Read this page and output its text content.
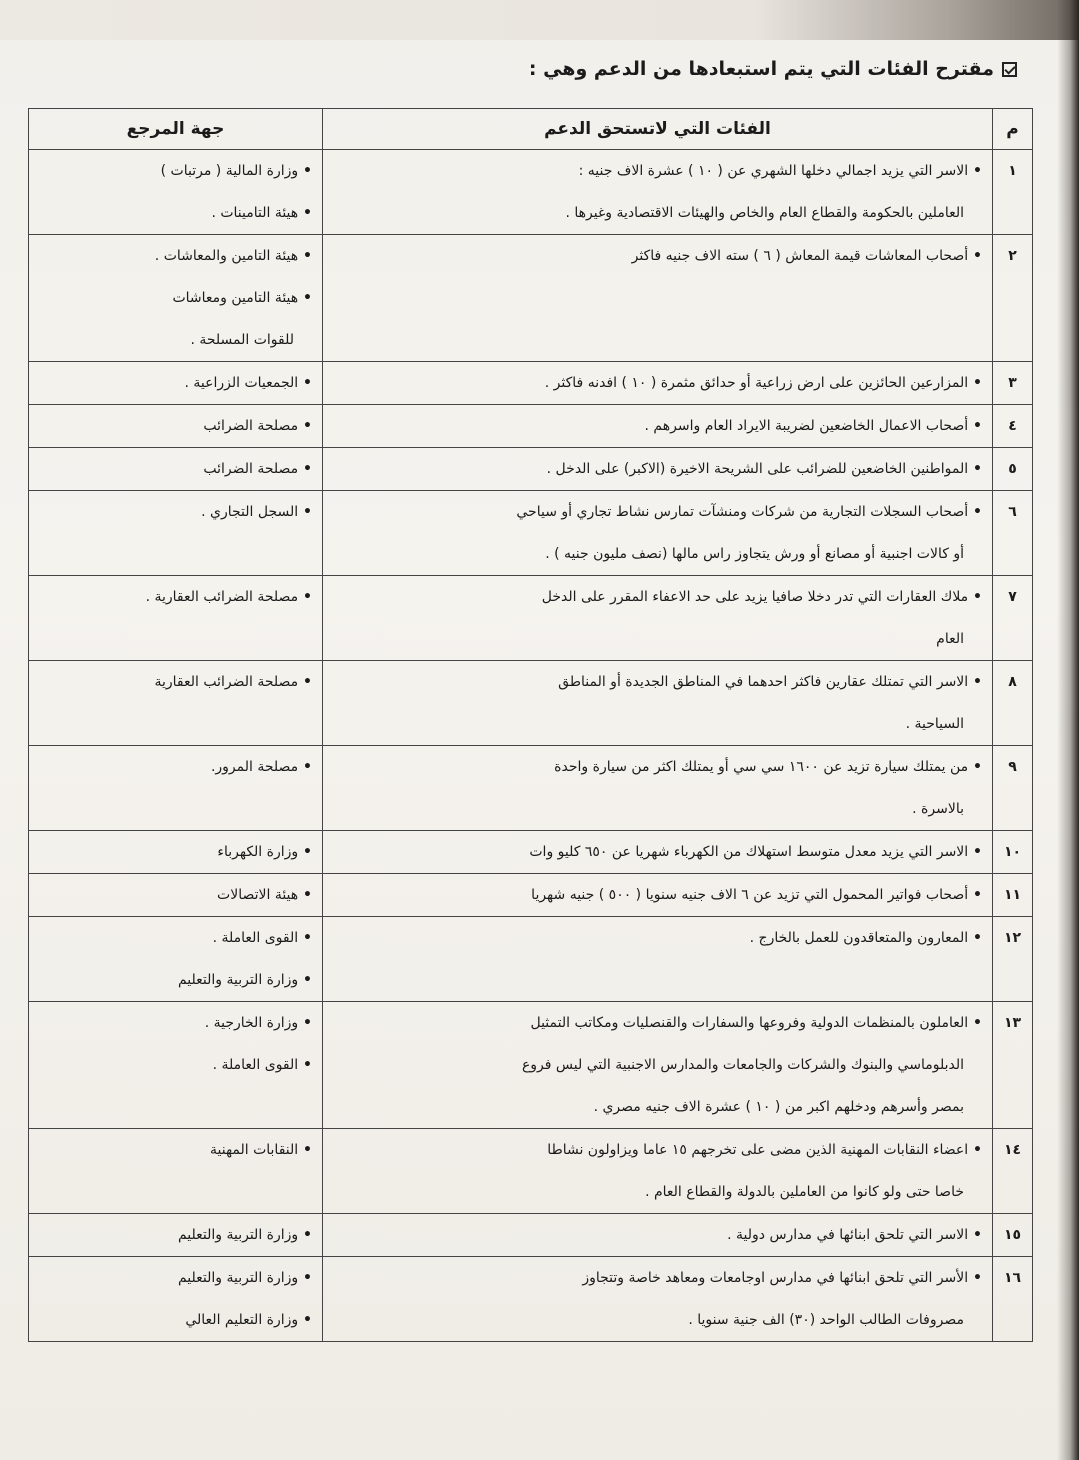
مقترح الفئات التي يتم استبعادها من الدعم وهي :
م	الفئات التي لاتستحق الدعم	جهة المرجع
١	• الاسر التي يزيد اجمالي دخلها الشهري عن ( ١٠ ) عشرة الاف جنيه :
العاملين بالحكومة والقطاع العام والخاص والهيئات الاقتصادية وغيرها .	• وزارة المالية ( مرتبات )
• هيئة التامينات .

٢	• أصحاب المعاشات قيمة المعاش ( ٦ ) سته الاف جنيه فاكثر	• هيئة التامين والمعاشات .
• هيئة التامين ومعاشات
للقوات المسلحة .

٣	• المزارعين الحائزين على ارض زراعية أو حدائق مثمرة ( ١٠ ) افدنه فاكثر .	• الجمعيات الزراعية .

٤	• أصحاب الاعمال الخاضعين لضريبة الايراد العام واسرهم .	• مصلحة الضرائب

٥	• المواطنين الخاضعين للضرائب على الشريحة الاخيرة (الاكبر) على الدخل .	• مصلحة الضرائب

٦	• أصحاب السجلات التجارية من شركات ومنشآت تمارس نشاط تجاري أو سياحي
أو كالات اجنبية أو مصانع أو ورش يتجاوز راس مالها (نصف مليون جنيه ) .	• السجل التجاري .

٧	• ملاك العقارات التي تدر دخلا صافيا يزيد على حد الاعفاء المقرر على الدخل
العام	• مصلحة الضرائب العقارية .

٨	• الاسر التي تمتلك عقارين فاكثر احدهما في المناطق الجديدة أو المناطق
السياحية .	• مصلحة الضرائب العقارية

٩	• من يمتلك سيارة تزيد عن ١٦٠٠ سي سي أو يمتلك اكثر من سيارة واحدة
بالاسرة .	• مصلحة المرور.

١٠	• الاسر التي يزيد معدل متوسط استهلاك من الكهرباء شهريا عن ٦٥٠ كليو وات	• وزارة الكهرباء

١١	• أصحاب فواتير المحمول التي تزيد عن ٦ الاف جنيه سنويا ( ٥٠٠ ) جنيه شهريا	• هيئة الاتصالات

١٢	• المعارون والمتعاقدون للعمل بالخارج .	• القوى العاملة .
• وزارة التربية والتعليم

١٣	• العاملون بالمنظمات الدولية وفروعها والسفارات والقنصليات ومكاتب التمثيل
الدبلوماسي والبنوك والشركات والجامعات والمدارس الاجنبية التي ليس فروع
بمصر وأسرهم ودخلهم اكبر من ( ١٠ ) عشرة الاف جنيه مصري .	• وزارة الخارجية .
• القوى العاملة .

١٤	• اعضاء النقابات المهنية الذين مضى على تخرجهم ١٥ عاما ويزاولون نشاطا
خاصا حتى ولو كانوا من العاملين بالدولة والقطاع العام .	• النقابات المهنية

١٥	• الاسر التي تلحق ابنائها في مدارس دولية .	• وزارة التربية والتعليم

١٦	• الأسر التي تلحق ابنائها في مدارس اوجامعات ومعاهد خاصة وتتجاوز
مصروفات الطالب الواحد (٣٠) الف جنية سنويا .	• وزارة التربية والتعليم
• وزارة التعليم العالي
